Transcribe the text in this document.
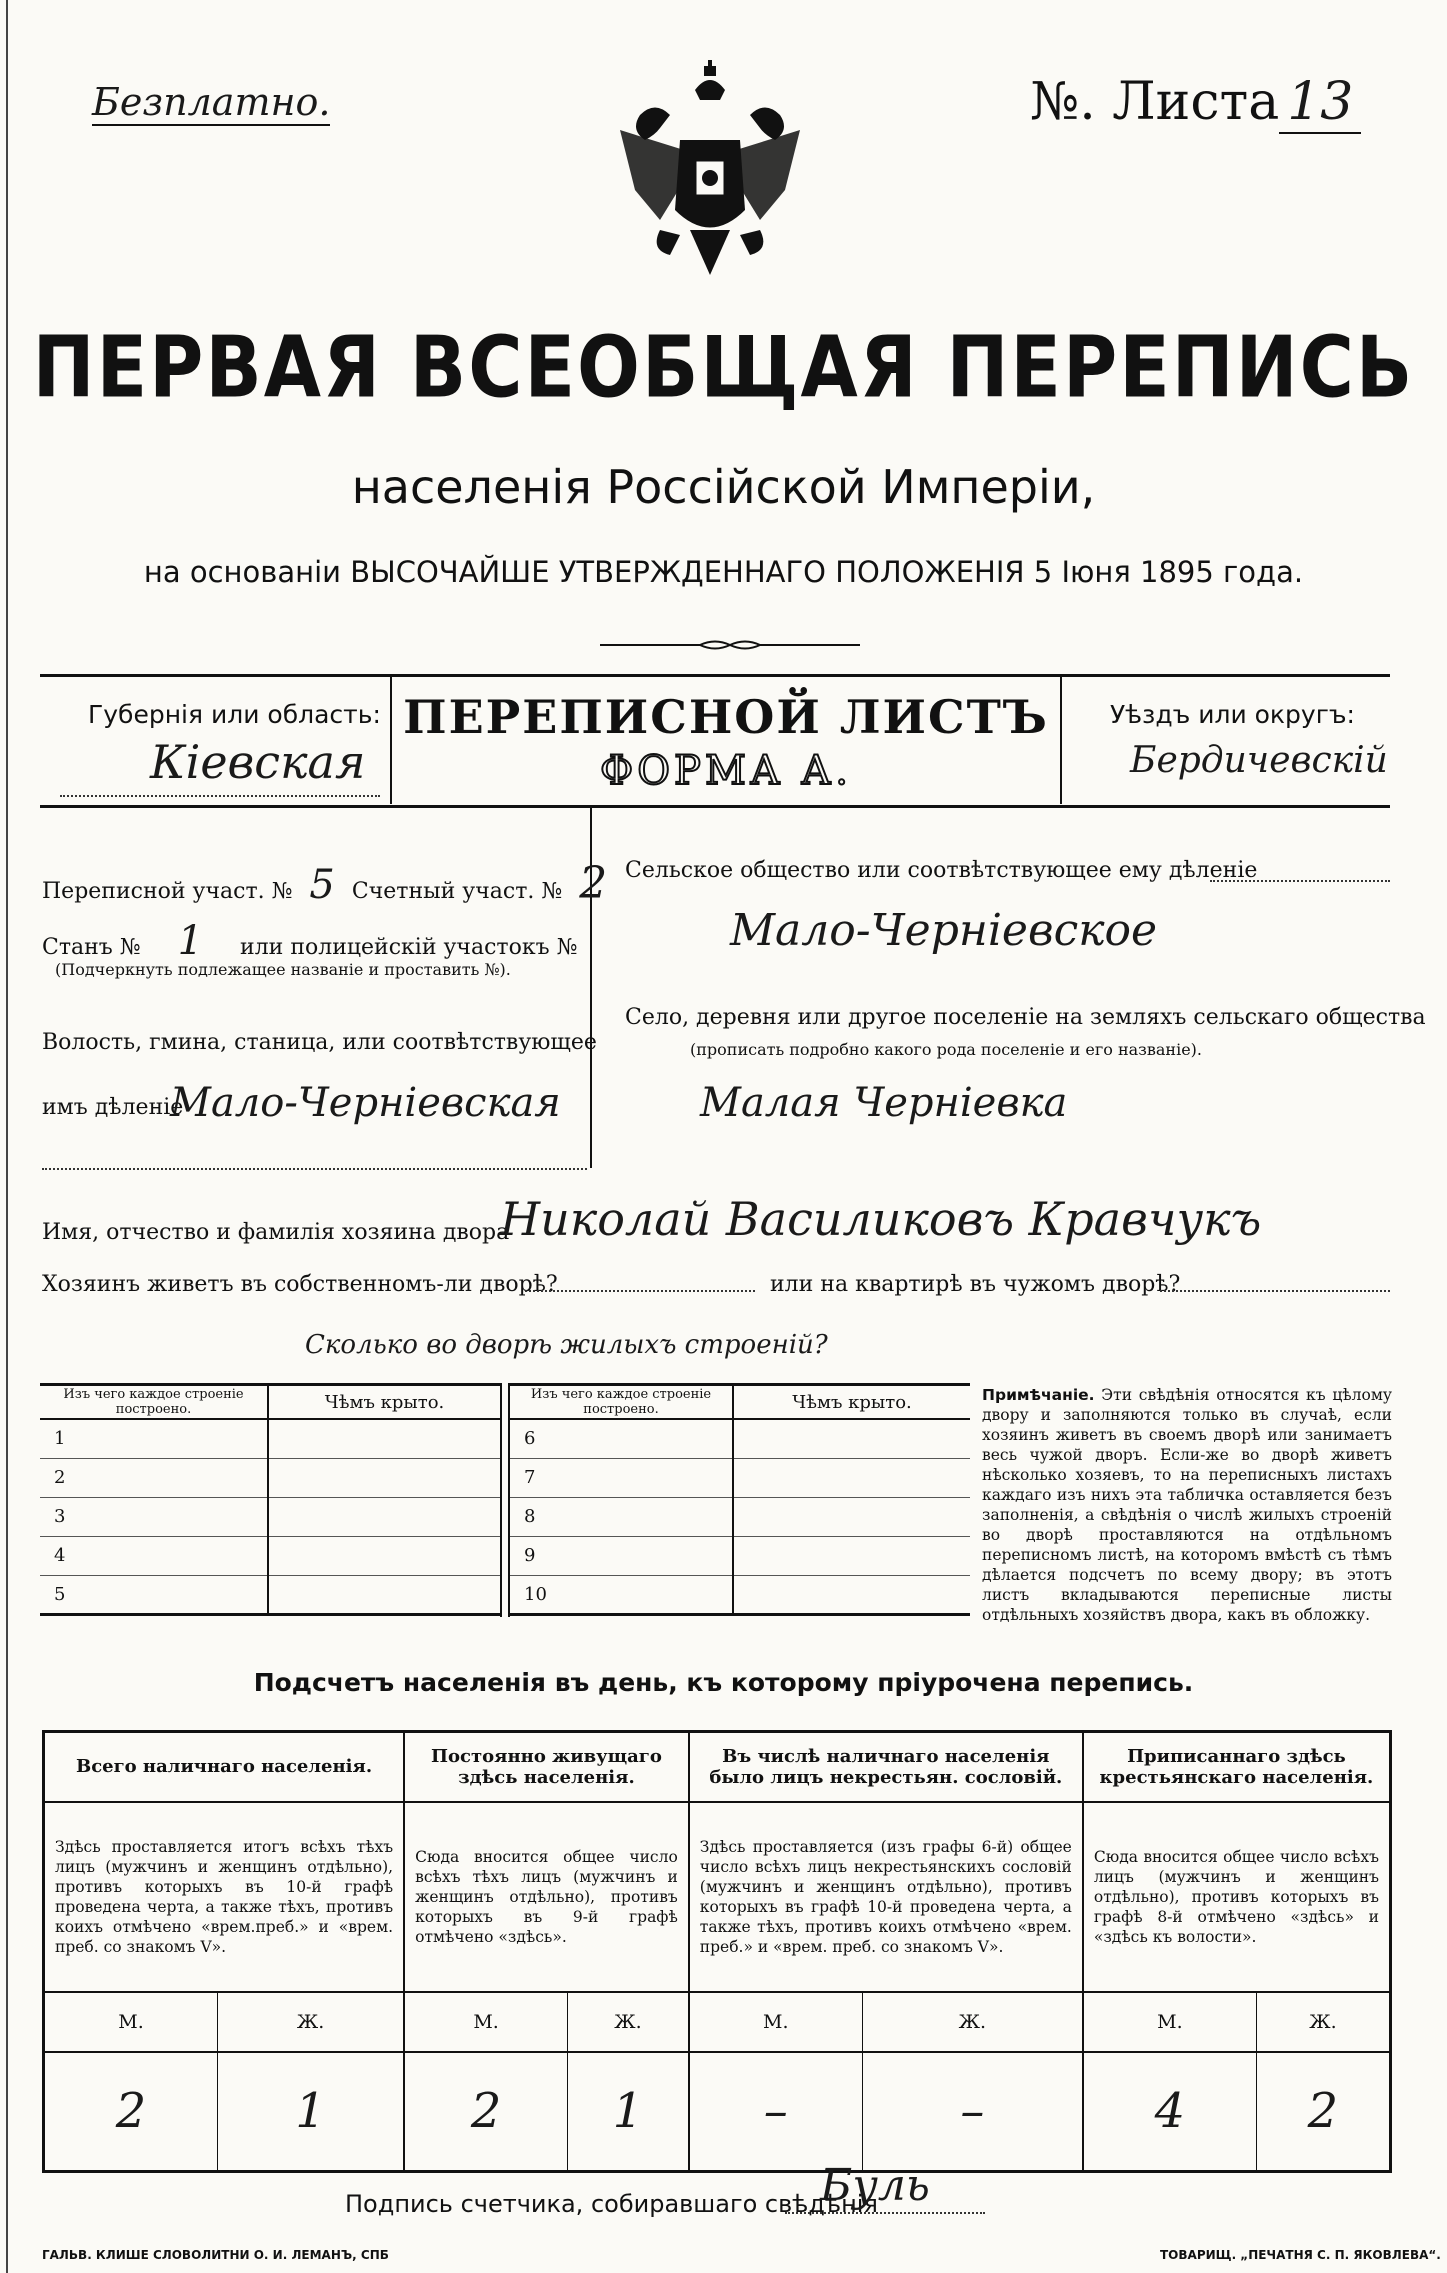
Безплатно.	№. Листа 13
ПЕРВАЯ ВСЕОБЩАЯ ПЕРЕПИСЬ
населенія Россійской Имперіи,
на основаніи ВЫСОЧАЙШЕ УТВЕРЖДЕННАГО ПОЛОЖЕНІЯ 5 Іюня 1895 года.
Губернія или область:
Кіевская
ПЕРЕПИСНОЙ ЛИСТЪ
ФОРМА А.
Уѣздъ или округъ:
Бердичевскій
Переписной участ. № 5 Счетный участ. № 2
Станъ № 1 или полицейскій участокъ №
(Подчеркнуть подлежащее названіе и проставить №).
Волость, гмина, станица, или соотвѣтствующее
имъ дѣленіе
Мало-Черніевская
Сельское общество или соотвѣтствующее ему дѣленіе
Мало-Черніевское
Село, деревня или другое поселеніе на земляхъ сельскаго общества
(прописать подробно какого рода поселеніе и его названіе).
Малая Черніевка
Имя, отчество и фамилія хозяина двора
Николай Василиковъ Кравчукъ
Хозяинъ живетъ въ собственномъ-ли дворѣ?	или на квартирѣ въ чужомъ дворѣ?
Сколько во дворѣ жилыхъ строеній?
Изъ чего каждое строеніе построено.	Чѣмъ крыто.
1	
2	
3	
4	
5	
Изъ чего каждое строеніе построено.	Чѣмъ крыто.
6	
7	
8	
9	
10	
Примѣчаніе. Эти свѣдѣнія относятся къ цѣлому двору и заполняются только въ случаѣ, если хозяинъ живетъ въ своемъ дворѣ или занимаетъ весь чужой дворъ. Если-же во дворѣ живетъ нѣсколько хозяевъ, то на переписныхъ листахъ каждаго изъ нихъ эта табличка оставляется безъ заполненія, а свѣдѣнія о числѣ жилыхъ строеній во дворѣ проставляются на отдѣльномъ переписномъ листѣ, на которомъ вмѣстѣ съ тѣмъ дѣлается подсчетъ по всему двору; въ этотъ листъ вкладываются переписные листы отдѣльныхъ хозяйствъ двора, какъ въ обложку.
Подсчетъ населенія въ день, къ которому пріурочена перепись.
Всего наличнаго населенія.		Постоянно живущаго здѣсь населенія.		Въ числѣ наличнаго населенія было лицъ некрестьян. сословій.		Приписаннаго здѣсь крестьянскаго населенія.	
Здѣсь проставляется итогъ всѣхъ тѣхъ лицъ (мужчинъ и женщинъ отдѣльно), противъ которыхъ въ 10-й графѣ проведена черта, а также тѣхъ, противъ коихъ отмѣчено «врем.преб.» и «врем. преб. со знакомъ V».		Сюда вносится общее число всѣхъ тѣхъ лицъ (мужчинъ и женщинъ отдѣльно), противъ которыхъ въ 9-й графѣ отмѣчено «здѣсь».		Здѣсь проставляется (изъ графы 6-й) общее число всѣхъ лицъ некрестьянскихъ сословій (мужчинъ и женщинъ отдѣльно), противъ которыхъ въ графѣ 10-й проведена черта, а также тѣхъ, противъ коихъ отмѣчено «врем. преб.» и «врем. преб. со знакомъ V».		Сюда вносится общее число всѣхъ лицъ (мужчинъ и женщинъ отдѣльно), противъ которыхъ въ графѣ 8-й отмѣчено «здѣсь» и «здѣсь къ волости».	
М.	Ж.	М.	Ж.	М.	Ж.	М.	Ж.
2	1	2	1	–	–	4	2
Подпись счетчика, собиравшаго свѣдѣнія
Буль
ГАЛЬВ. КЛИШЕ СЛОВОЛИТНИ О. И. ЛЕМАНЪ, СПБ	ТОВАРИЩ. „ПЕЧАТНЯ С. П. ЯКОВЛЕВА“.
